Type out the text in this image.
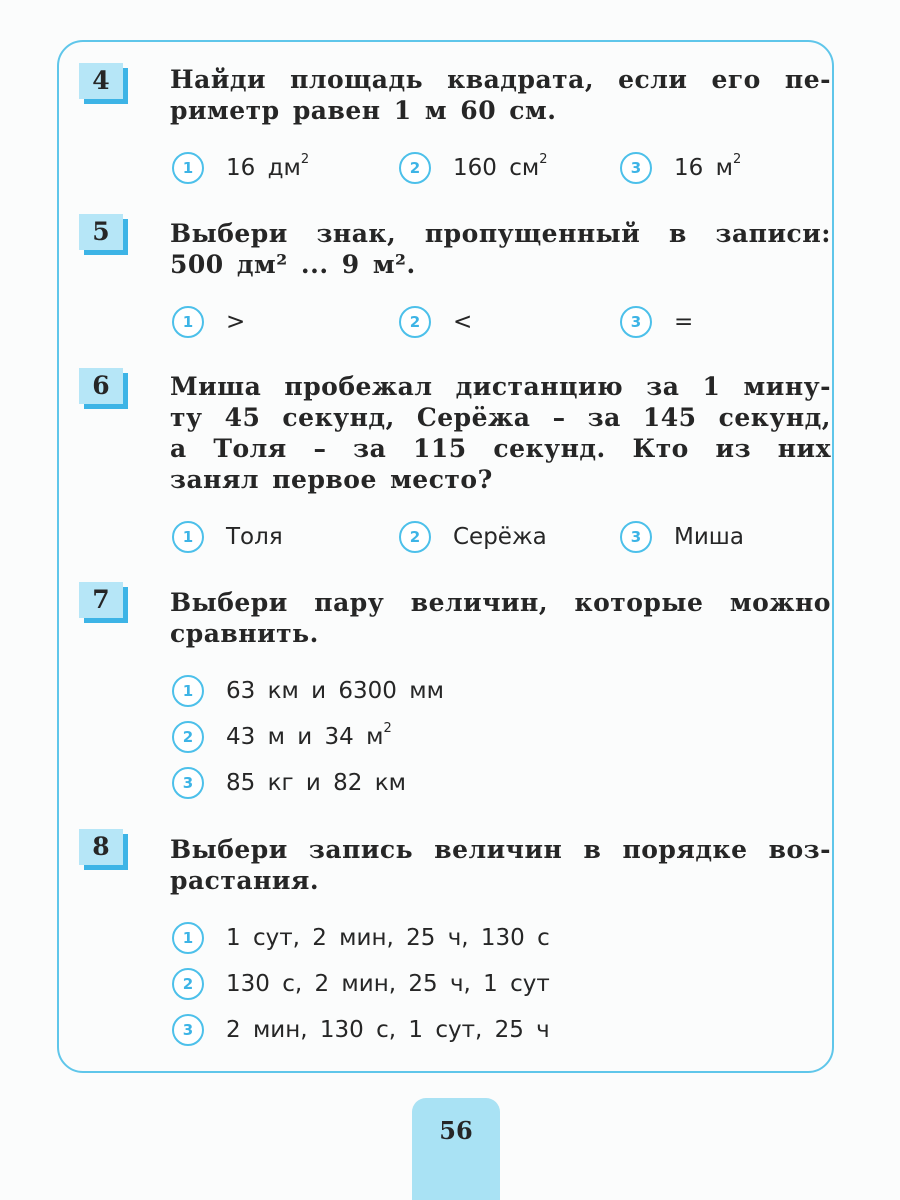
4	Найди площадь квадрата, если его пе-

риметр равен 1 м 60 см.

1	16 $дм^2$	2	160 $см^2$	3	16 $м^2$
5	Выбери знак, пропущенный в записи:

500 дм² ... 9 м².

1	>	2	<	3	=
6	Миша пробежал дистанцию за 1 мину-

ту 45 секунд, Серёжа – за 145 секунд,

а Толя – за 115 секунд. Кто из них

занял первое место?

1	Толя	2	Серёжа	3	Миша
7	Выбери пару величин, которые можно

сравнить.

1	63 км и 6300 мм
2	43 м и 34 $м^2$
3	85 кг и 82 км
8	Выбери запись величин в порядке воз-

растания.

1	1 сут, 2 мин, 25 ч, 130 с
2	130 с, 2 мин, 25 ч, 1 сут
3	2 мин, 130 с, 1 сут, 25 ч
56
